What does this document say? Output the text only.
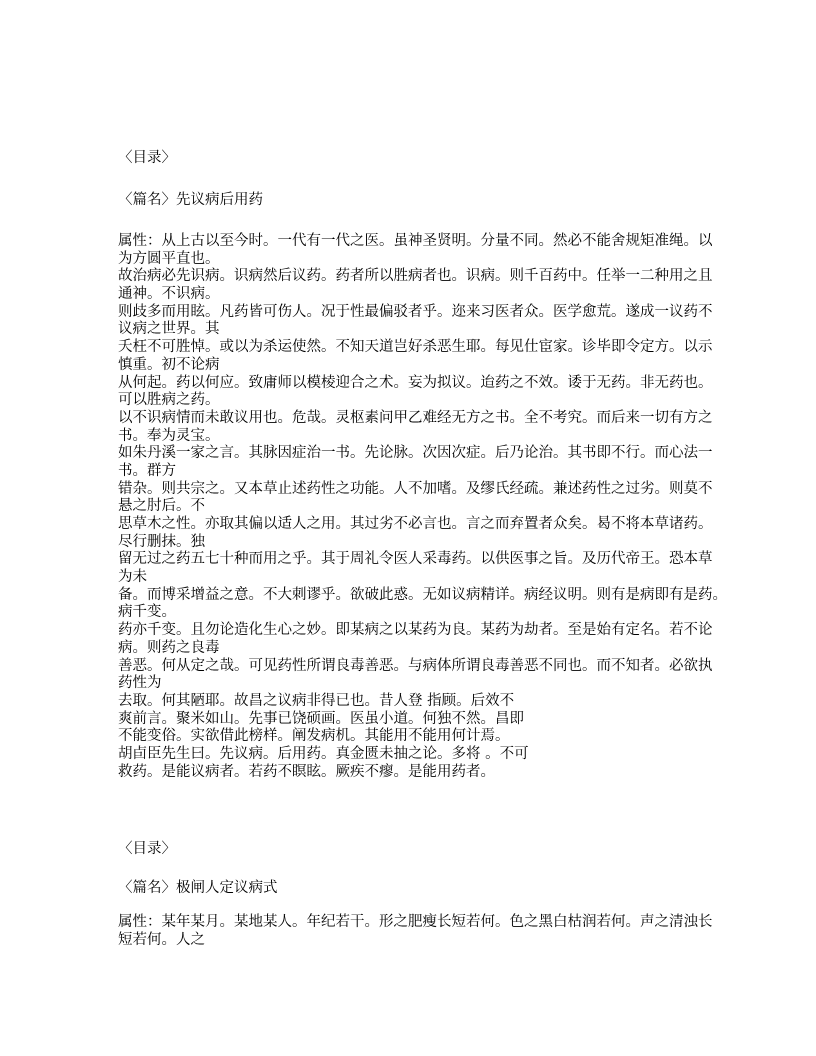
〈目录〉
〈篇名〉先议病后用药
属性：从上古以至今时。一代有一代之医。虽神圣贤明。分量不同。然必不能舍规矩准绳。以
为方圆平直也。
故治病必先识病。识病然后议药。药者所以胜病者也。识病。则千百药中。任举一二种用之且
通神。不识病。
则歧多而用眩。凡药皆可伤人。况于性最偏驳者乎。迩来习医者众。医学愈荒。遂成一议药不
议病之世界。其
夭枉不可胜悼。或以为杀运使然。不知天道岂好杀恶生耶。每见仕宦家。诊毕即令定方。以示
慎重。初不论病
从何起。药以何应。致庸师以模棱迎合之术。妄为拟议。迨药之不效。诿于无药。非无药也。
可以胜病之药。
以不识病情而未敢议用也。危哉。灵枢素问甲乙难经无方之书。全不考究。而后来一切有方之
书。奉为灵宝。
如朱丹溪一家之言。其脉因症治一书。先论脉。次因次症。后乃论治。其书即不行。而心法一
书。群方
错杂。则共宗之。又本草止述药性之功能。人不加嗜。及缪氏经疏。兼述药性之过劣。则莫不
悬之肘后。不
思草木之性。亦取其偏以适人之用。其过劣不必言也。言之而弃置者众矣。曷不将本草诸药。
尽行删抹。独
留无过之药五七十种而用之乎。其于周礼令医人采毒药。以供医事之旨。及历代帝王。恐本草
为未
备。而博采增益之意。不大刺谬乎。欲破此惑。无如议病精详。病经议明。则有是病即有是药。
病千变。
药亦千变。且勿论造化生心之妙。即某病之以某药为良。某药为劫者。至是始有定名。若不论
病。则药之良毒
善恶。何从定之哉。可见药性所谓良毒善恶。与病体所谓良毒善恶不同也。而不知者。必欲执
药性为
去取。何其陋耶。故昌之议病非得已也。昔人登 指顾。后效不
爽前言。聚米如山。先事已饶硕画。医虽小道。何独不然。昌即
不能变俗。实欲借此榜样。阐发病机。其能用不能用何计焉。
胡卣臣先生曰。先议病。后用药。真金匮未抽之论。多将 。不可
救药。是能议病者。若药不瞑眩。厥疾不瘳。是能用药者。
〈目录〉
〈篇名〉极闸人定议病式
属性：某年某月。某地某人。年纪若干。形之肥瘦长短若何。色之黑白枯润若何。声之清浊长
短若何。人之
